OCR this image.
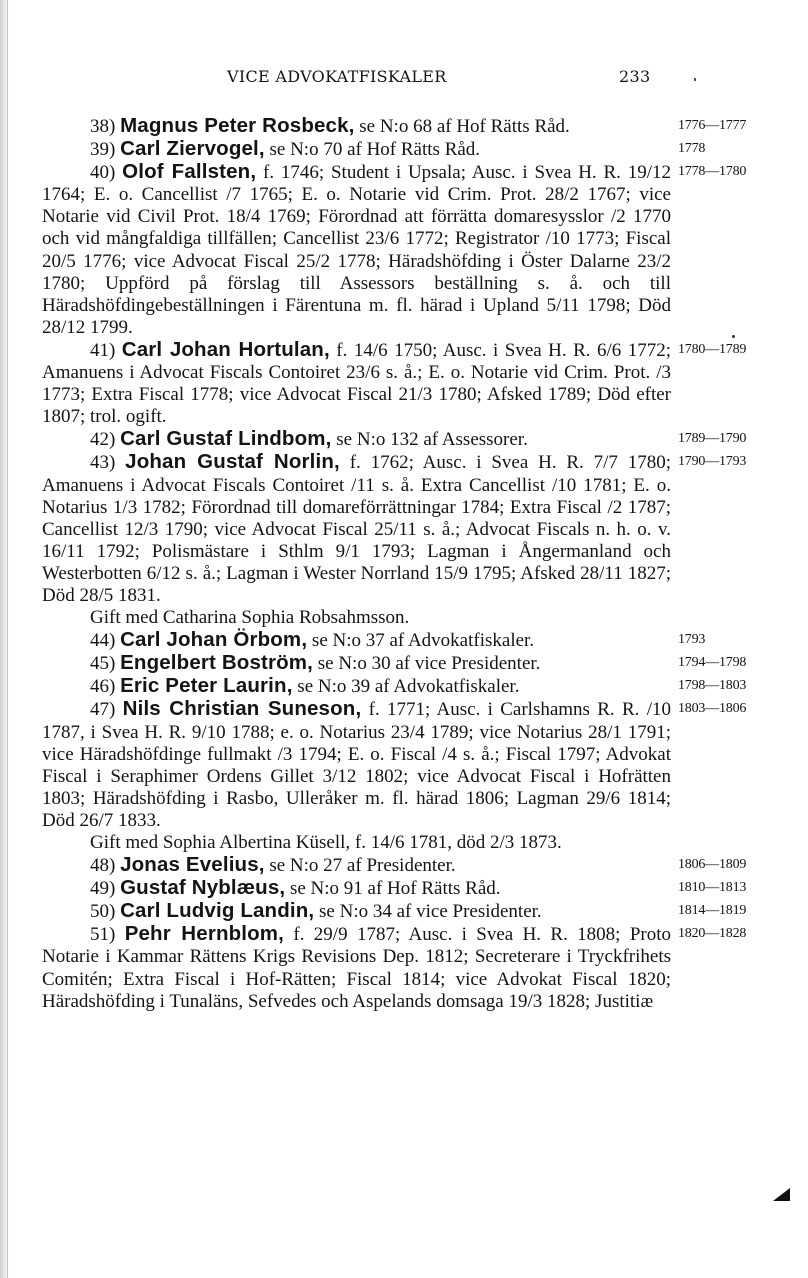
VICE ADVOKATFISKALER	233

38) Magnus Peter Rosbeck, se N:o 68 af Hof Rätts Råd.

39) Carl Ziervogel, se N:o 70 af Hof Rätts Råd.

40) Olof Fallsten, f. 1746; Student i Upsala; Ausc. i Svea H. R. 19/12 1764; E. o. Cancellist /7 1765; E. o. Notarie vid Crim. Prot. 28/2 1767; vice Notarie vid Civil Prot. 18/4 1769; Förordnad att förrätta domaresysslor /2 1770 och vid mångfaldiga tillfällen; Cancellist 23/6 1772; Registrator /10 1773; Fiscal 20/5 1776; vice Advocat Fiscal 25/2 1778; Häradshöfding i Öster Dalarne 23/2 1780; Uppförd på förslag till Assessors beställning s. å. och till Häradshöfdingebeställningen i Färentuna m. fl. härad i Upland 5/11 1798; Död 28/12 1799.

41) Carl Johan Hortulan, f. 14/6 1750; Ausc. i Svea H. R. 6/6 1772; Amanuens i Advocat Fiscals Contoiret 23/6 s. å.; E. o. Notarie vid Crim. Prot. /3 1773; Extra Fiscal 1778; vice Advocat Fiscal 21/3 1780; Afsked 1789; Död efter 1807; trol. ogift.

42) Carl Gustaf Lindbom, se N:o 132 af Assessorer.

43) Johan Gustaf Norlin, f. 1762; Ausc. i Svea H. R. 7/7 1780; Amanuens i Advocat Fiscals Contoiret /11 s. å. Extra Cancellist /10 1781; E. o. Notarius 1/3 1782; Förordnad till domareförrättningar 1784; Extra Fiscal /2 1787; Cancellist 12/3 1790; vice Advocat Fiscal 25/11 s. å.; Advocat Fiscals n. h. o. v. 16/11 1792; Polismästare i Sthlm 9/1 1793; Lagman i Ångermanland och Westerbotten 6/12 s. å.; Lagman i Wester Norrland 15/9 1795; Afsked 28/11 1827; Död 28/5 1831.

Gift med Catharina Sophia Robsahmsson.

44) Carl Johan Örbom, se N:o 37 af Advokatfiskaler.

45) Engelbert Boström, se N:o 30 af vice Presidenter.

46) Eric Peter Laurin, se N:o 39 af Advokatfiskaler.

47) Nils Christian Suneson, f. 1771; Ausc. i Carlshamns R. R. /10 1787, i Svea H. R. 9/10 1788; e. o. Notarius 23/4 1789; vice Notarius 28/1 1791; vice Häradshöfdinge fullmakt /3 1794; E. o. Fiscal /4 s. å.; Fiscal 1797; Advokat Fiscal i Seraphimer Ordens Gillet 3/12 1802; vice Advocat Fiscal i Hofrätten 1803; Häradshöfding i Rasbo, Ulleråker m. fl. härad 1806; Lagman 29/6 1814; Död 26/7 1833.

Gift med Sophia Albertina Küsell, f. 14/6 1781, död 2/3 1873.

48) Jonas Evelius, se N:o 27 af Presidenter.

49) Gustaf Nyblæus, se N:o 91 af Hof Rätts Råd.

50) Carl Ludvig Landin, se N:o 34 af vice Presidenter.

51) Pehr Hernblom, f. 29/9 1787; Ausc. i Svea H. R. 1808; Proto Notarie i Kammar Rättens Krigs Revisions Dep. 1812; Secreterare i Tryckfrihets Comitén; Extra Fiscal i Hof-Rätten; Fiscal 1814; vice Advokat Fiscal 1820; Häradshöfding i Tunaläns, Sefvedes och Aspelands domsaga 19/3 1828; Justitiæ

1776—1777
1778
1778—1780
1780—1789
1789—1790
1790—1793
1793
1794—1798
1798—1803
1803—1806
1806—1809
1810—1813
1814—1819
1820—1828
